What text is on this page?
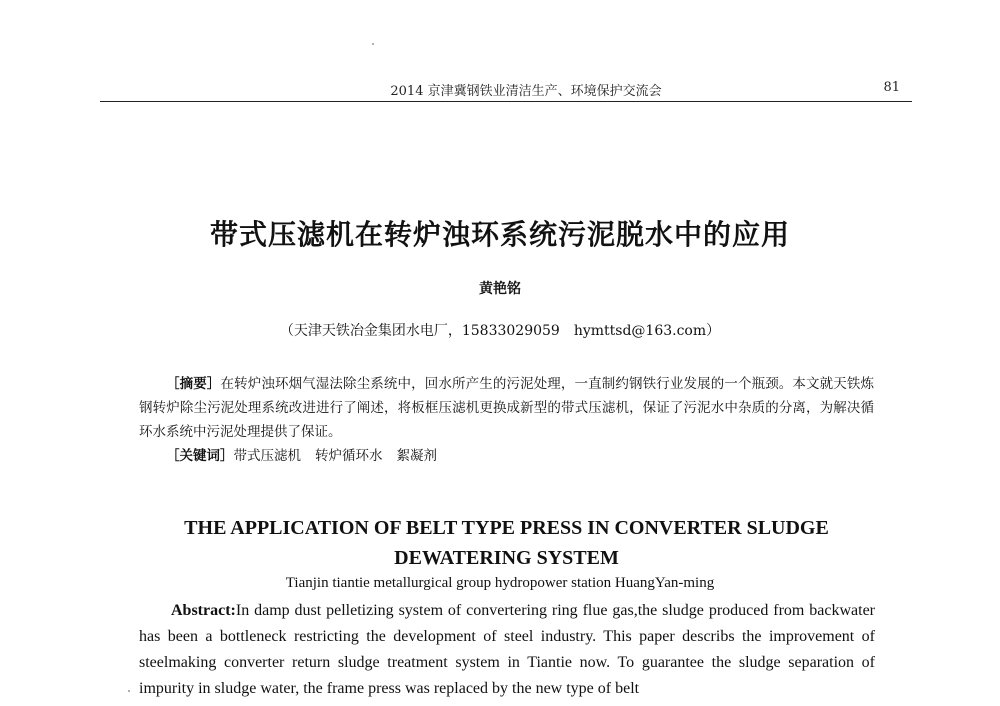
2014 京津冀钢铁业清洁生产、环境保护交流会	81
带式压滤机在转炉浊环系统污泥脱水中的应用
黄艳铭
（天津天铁冶金集团水电厂，15833029059　hymttsd@163.com）

［摘要］在转炉浊环烟气湿法除尘系统中，回水所产生的污泥处理，一直制约钢铁行业发展的一个瓶颈。本文就天铁炼钢转炉除尘污泥处理系统改进进行了阐述，将板框压滤机更换成新型的带式压滤机，保证了污泥水中杂质的分离，为解决循环水系统中污泥处理提供了保证。

［关键词］带式压滤机 转炉循环水 絮凝剂

THE APPLICATION OF BELT TYPE PRESS IN CONVERTER SLUDGE DEWATERING SYSTEM
Tianjin tiantie metallurgical group hydropower station HuangYan-ming

Abstract:In damp dust pelletizing system of convertering ring flue gas,the sludge produced from backwater has been a bottleneck restricting the development of steel industry. This paper describs the improvement of steelmaking converter return sludge treatment system in Tiantie now. To guarantee the sludge separation of impurity in sludge water, the frame press was replaced by the new type of belt
